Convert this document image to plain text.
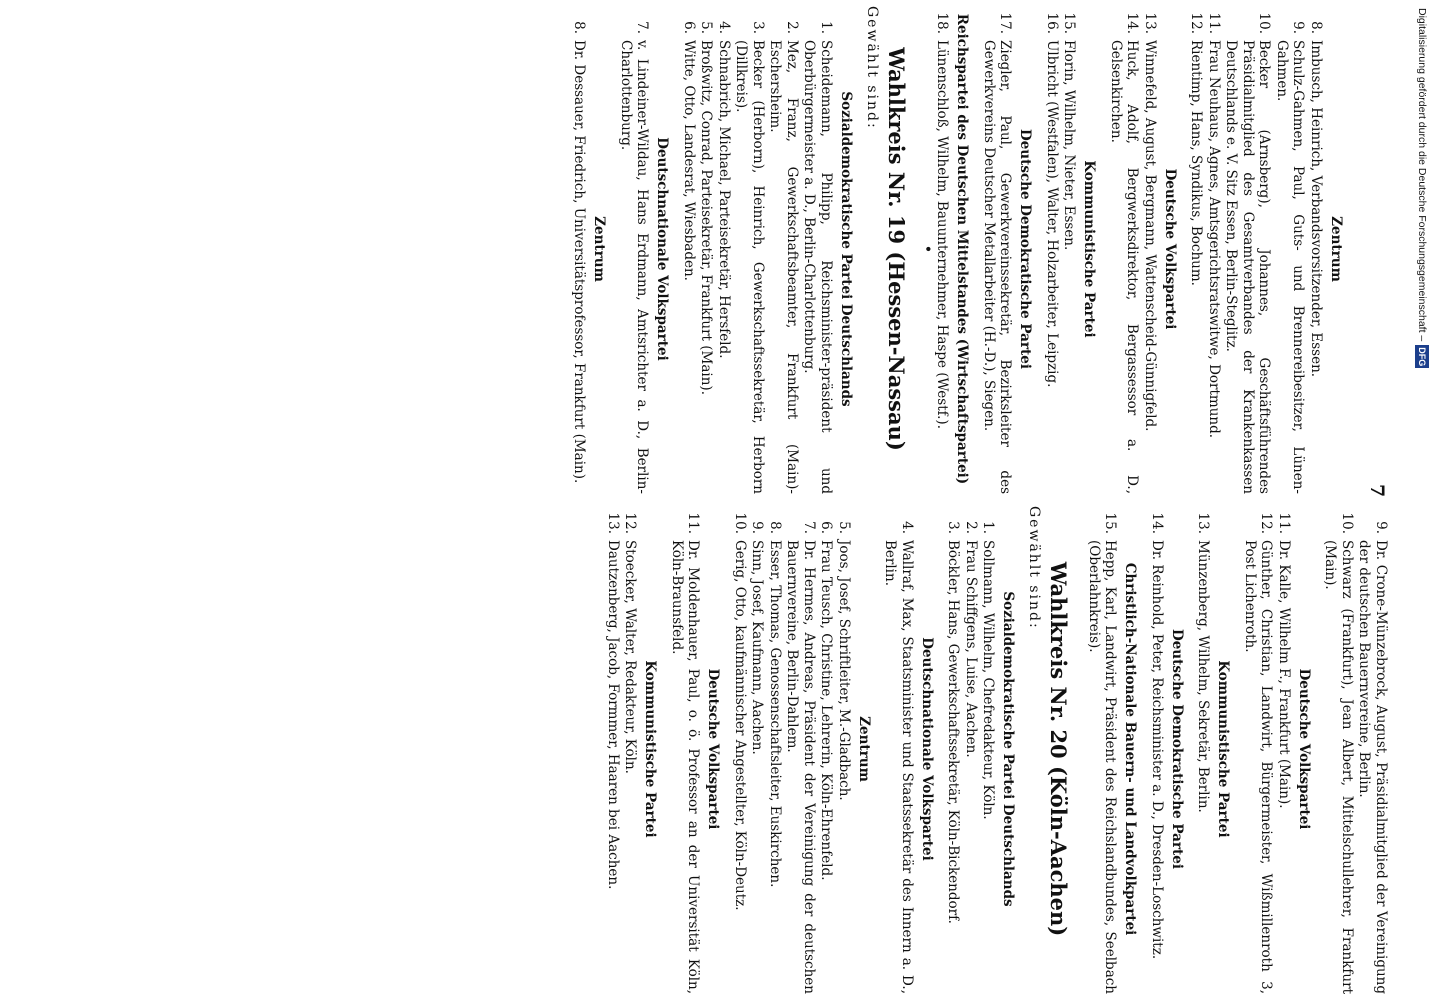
7
Zentrum
8.
Imbusch, Heinrich, Verbandsvorsitzender, Essen.
9.
Schulz-Gahmen, Paul, Guts- und Brennereibesitzer, Lünen-Gahmen.
10.
Becker (Arnsberg), Johannes, Geschäftsführendes Präsidialmitglied des Gesamtverbandes der Krankenkassen Deutschlands e. V. Sitz Essen, Berlin-Steglitz.
11.
Frau Neuhaus, Agnes, Amtsgerichtsratswitwe, Dortmund.
12.
Rientimp, Hans, Syndikus, Bochum.
Deutsche Volkspartei
13.
Winnefeld, August, Bergmann, Wattenscheid-Günnigfeld.
14.
Huck, Adolf, Bergwerksdirektor, Bergassessor a. D., Gelsenkirchen.
Kommunistische Partei
15.
Florin, Wilhelm, Nieter, Essen.
16.
Ulbricht (Westfalen), Walter, Holzarbeiter, Leipzig.
Deutsche Demokratische Partei
17.
Ziegler, Paul, Gewerkvereinssekretär, Bezirksleiter des Gewerkvereins Deutscher Metallarbeiter (H.-D.), Siegen.
Reichspartei des Deutschen Mittelstandes (Wirtschaftspartei)
18.
Lünenschloß, Wilhelm, Bauunternehmer, Haspe (Westf.).
•
Wahlkreis Nr. 19 (Hessen-Nassau)
Gewählt sind:
Sozialdemokratische Partei Deutschlands
1.
Scheidemann, Philipp, Reichsminister-präsident und Oberbürgermeister a. D., Berlin-Charlottenburg.
2.
Mez, Franz, Gewerkschaftsbeamter, Frankfurt (Main)-Eschersheim.
3.
Becker (Herborn), Heinrich, Gewerkschaftssekretär, Herborn (Dillkreis).
4.
Schnabrich, Michael, Parteisekretär, Hersfeld.
5.
Broßwitz, Conrad, Parteisekretär, Frankfurt (Main).
6.
Witte, Otto, Landesrat, Wiesbaden.
Deutschnationale Volkspartei
7.
v. Lindeiner-Wildau, Hans Erdmann, Amtsrichter a. D., Berlin-Charlottenburg.
Zentrum
8.
Dr. Dessauer, Friedrich, Universitätsprofessor, Frankfurt (Main).
9.
Dr. Crone-Münzebrock, August, Präsidialmitglied der Vereinigung der deutschen Bauernvereine, Berlin.
10.
Schwarz (Frankfurt), Jean Albert, Mittelschullehrer, Frankfurt (Main).
Deutsche Volkspartei
11.
Dr. Kalle, Wilhelm F., Frankfurt (Main).
12.
Günther, Christian, Landwirt, Bürgermeister, Wißmillenroth 3, Post Lichenroth.
Kommunistische Partei
13.
Münzenberg, Wilhelm, Sekretär, Berlin.
Deutsche Demokratische Partei
14.
Dr. Reinhold, Peter, Reichsminister a. D., Dresden-Loschwitz.
Christlich-Nationale Bauern- und Landvolkpartei
15.
Hepp, Karl, Landwirt, Präsident des Reichslandbundes, Seelbach (Oberlahnkreis).
Wahlkreis Nr. 20 (Köln-Aachen)
Gewählt sind:
Sozialdemokratische Partei Deutschlands
1.
Sollmann, Wilhelm, Chefredakteur, Köln.
2.
Frau Schiffgens, Luise, Aachen.
3.
Böckler, Hans, Gewerkschaftssekretär, Köln-Bickendorf.
Deutschnationale Volkspartei
4.
Wallraf, Max, Staatsminister und Staatssekretär des Innern a. D., Berlin.
Zentrum
5.
Joos, Josef, Schriftleiter, M.-Gladbach.
6.
Frau Teusch, Christine, Lehrerin, Köln-Ehrenfeld.
7.
Dr. Hermes, Andreas, Präsident der Vereinigung der deutschen Bauernvereine, Berlin-Dahlem.
8.
Esser, Thomas, Genossenschaftsleiter, Euskirchen.
9.
Sinn, Josef, Kaufmann, Aachen.
10.
Gerig, Otto, kaufmännischer Angestellter, Köln-Deutz.
Deutsche Volkspartei
11.
Dr. Moldenhauer, Paul, o. ö. Professor an der Universität Köln, Köln-Braunsfeld.
Kommunistische Partei
12.
Stoecker, Walter, Redakteur, Köln.
13.
Dautzenberg, Jacob, Formmer, Haaren bei Aachen.
Digitalisierung gefördert durch die Deutsche Forschungsgemeinschaft –
DFG
